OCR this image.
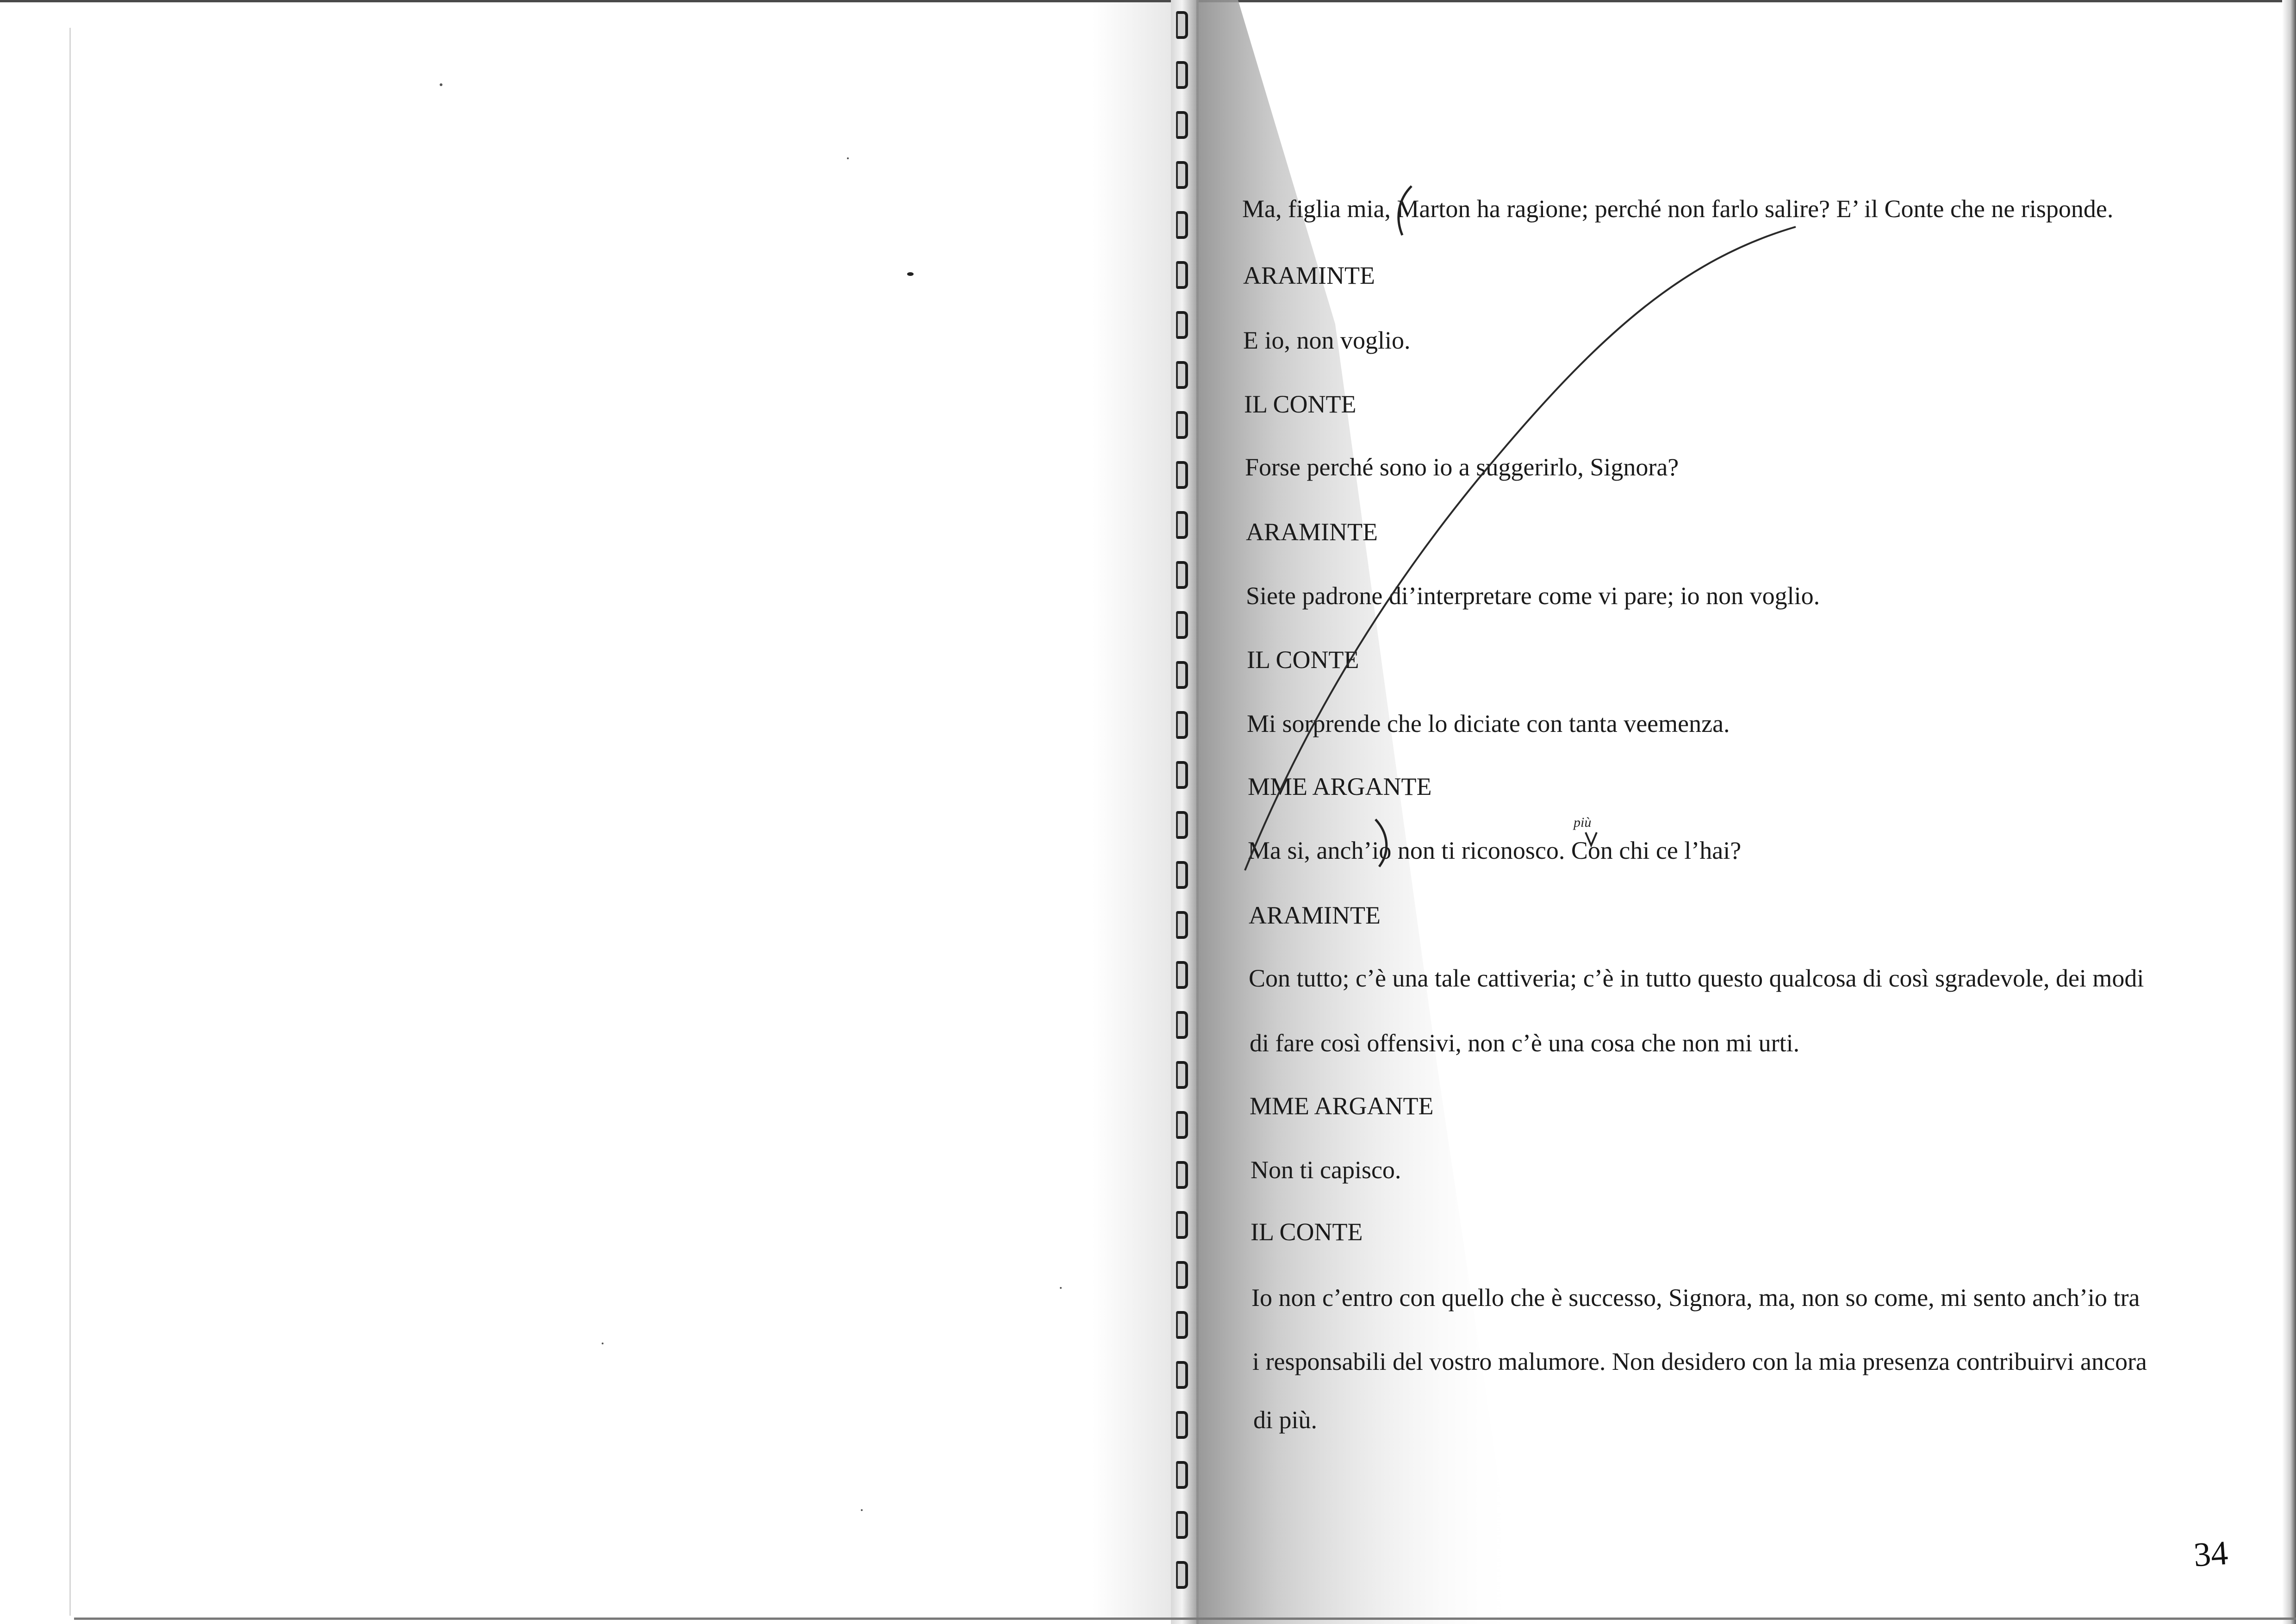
Ma, figlia mia, Marton ha ragione; perché non farlo salire? E’ il Conte che ne risponde.
ARAMINTE
E io, non voglio.
IL CONTE
Forse perché sono io a suggerirlo, Signora?
ARAMINTE
Siete padrone di’interpretare come vi pare; io non voglio.
IL CONTE
Mi sorprende che lo diciate con tanta veemenza.
MME ARGANTE
Ma si, anch’io non ti riconosco. Con chi ce l’hai?
ARAMINTE
Con tutto; c’è una tale cattiveria; c’è in tutto questo qualcosa di così sgradevole, dei modi
di fare così offensivi, non c’è una cosa che non mi urti.
MME ARGANTE
Non ti capisco.
IL CONTE
Io non c’entro con quello che è successo, Signora, ma, non so come, mi sento anch’io tra
i responsabili del vostro malumore. Non desidero con la mia presenza contribuirvi ancora
di più.
34
più
